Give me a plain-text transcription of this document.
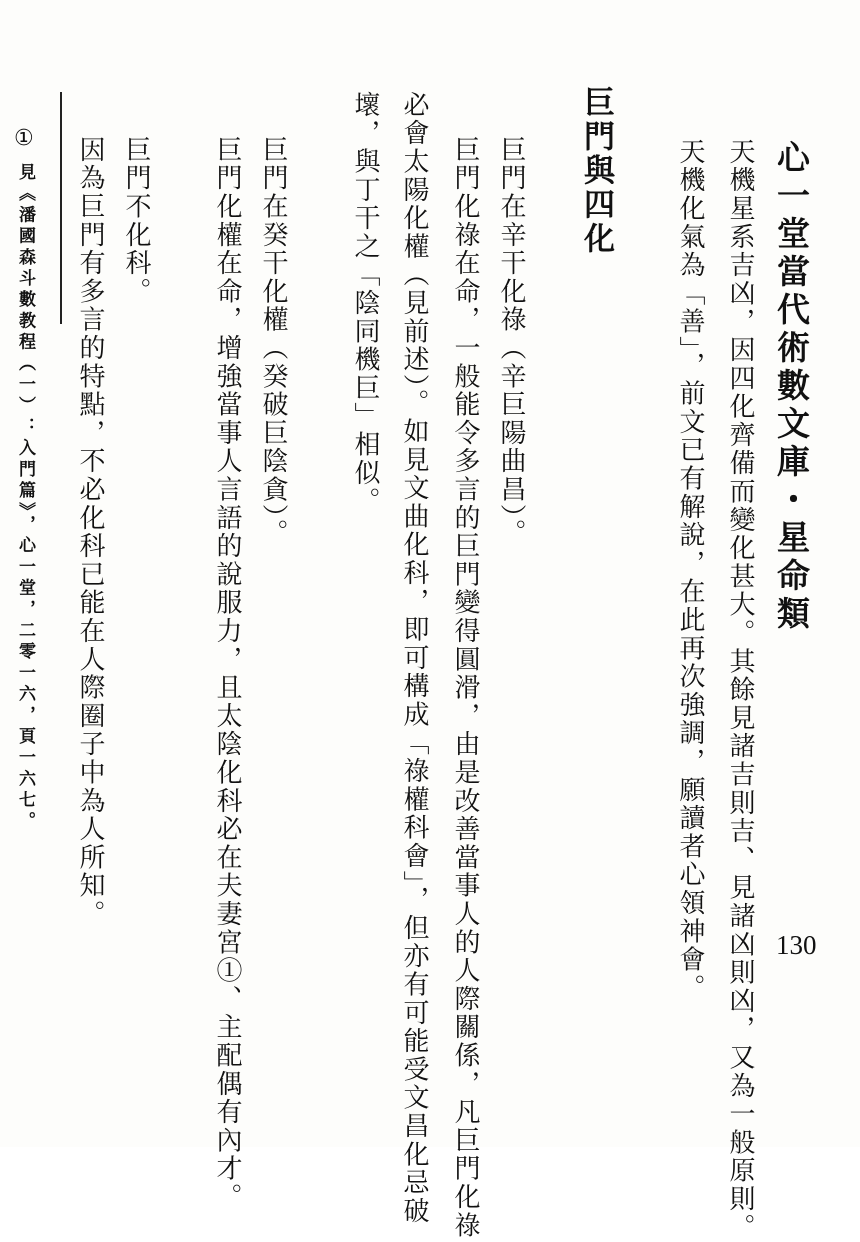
心一堂當代術數文庫・星命類
130
天機星系吉凶，因四化齊備而變化甚大。其餘見諸吉則吉、見諸凶則凶，又為一般原則。
天機化氣為「善」，前文已有解說，在此再次強調，願讀者心領神會。
巨門與四化
巨門在辛干化祿（辛巨陽曲昌）。
巨門化祿在命，一般能令多言的巨門變得圓滑，由是改善當事人的人際關係，凡巨門化祿
必會太陽化權（見前述）。如見文曲化科，即可構成「祿權科會」，但亦有可能受文昌化忌破
壞，與丁干之「陰同機巨」相似。
巨門在癸干化權（癸破巨陰貪）。
巨門化權在命，增強當事人言語的說服力，且太陰化科必在夫妻宮①、主配偶有內才。
巨門不化科。
因為巨門有多言的特點，不必化科已能在人際圈子中為人所知。
①
見《潘國森斗數教程（一）：入門篇》，心一堂，二零一六，頁一六七。
